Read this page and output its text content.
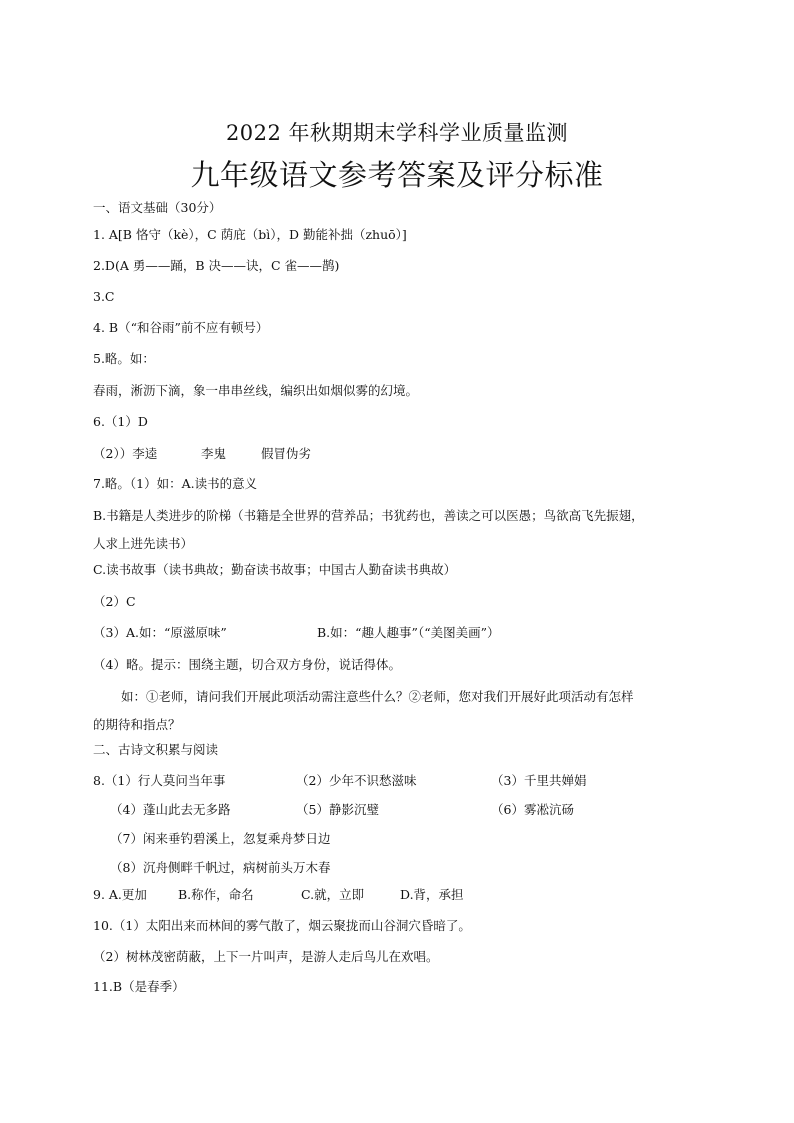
2022 年秋期期末学科学业质量监测
九年级语文参考答案及评分标准
一、语文基础（30分）
1. A[B 恪守（kè），C 荫庇（bì），D 勤能补拙（zhuō）]
2.D(A 勇——踊，B 决——诀，C 雀——鹊)
3.C
4. B（“和谷雨”前不应有顿号）
5.略。如：
春雨，淅沥下滴，象一串串丝线，编织出如烟似雾的幻境。
6.（1）D
（2））李逵	李鬼	假冒伪劣
7.略。（1）如：A.读书的意义
B.书籍是人类进步的阶梯（书籍是全世界的营养品；书犹药也，善读之可以医愚；鸟欲高飞先振翅，
人求上进先读书）
C.读书故事（读书典故；勤奋读书故事；中国古人勤奋读书典故）
（2）C
（3）A.如：“原滋原味”	B.如：“趣人趣事”（“美图美画”）
（4）略。提示：围绕主题，切合双方身份，说话得体。
如：①老师，请问我们开展此项活动需注意些什么？②老师，您对我们开展好此项活动有怎样
的期待和指点？
二、古诗文积累与阅读
8.（1）行人莫问当年事	（2）少年不识愁滋味	（3）千里共婵娟
（4）蓬山此去无多路	（5）静影沉璧	（6）雾凇沆砀
（7）闲来垂钓碧溪上，忽复乘舟梦日边
（8）沉舟侧畔千帆过，病树前头万木春
9. A.更加 B.称作，命名	C.就，立即	D.背，承担
10.（1）太阳出来而林间的雾气散了，烟云聚拢而山谷洞穴昏暗了。
（2）树林茂密荫蔽，上下一片叫声，是游人走后鸟儿在欢唱。
11.B（是春季）
